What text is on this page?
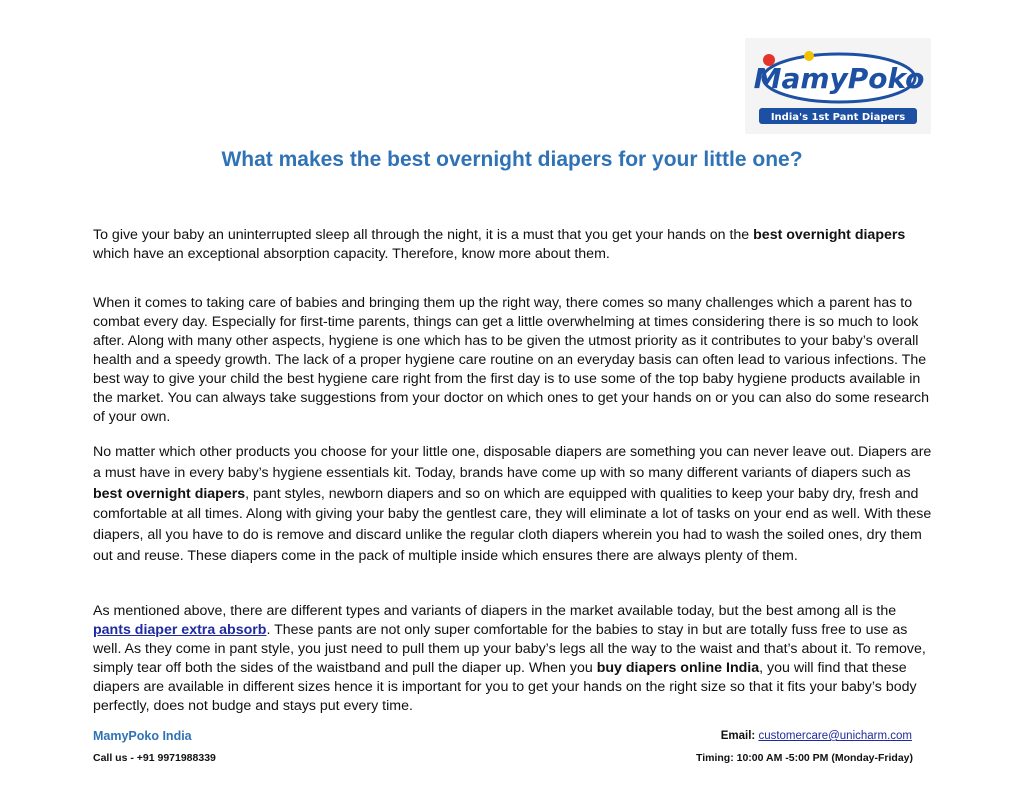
MamyPoko
India's 1st Pant Diapers
What makes the best overnight diapers for your little one?

To give your baby an uninterrupted sleep all through the night, it is a must that you get your hands on the best overnight diapers which have an exceptional absorption capacity. Therefore, know more about them.

When it comes to taking care of babies and bringing them up the right way, there comes so many challenges which a parent has to combat every day. Especially for first-time parents, things can get a little overwhelming at times considering there is so much to look after. Along with many other aspects, hygiene is one which has to be given the utmost priority as it contributes to your baby’s overall health and a speedy growth. The lack of a proper hygiene care routine on an everyday basis can often lead to various infections. The best way to give your child the best hygiene care right from the first day is to use some of the top baby hygiene products available in the market. You can always take suggestions from your doctor on which ones to get your hands on or you can also do some research of your own.

No matter which other products you choose for your little one, disposable diapers are something you can never leave out. Diapers are a must have in every baby’s hygiene essentials kit. Today, brands have come up with so many different variants of diapers such as best overnight diapers, pant styles, newborn diapers and so on which are equipped with qualities to keep your baby dry, fresh and comfortable at all times. Along with giving your baby the gentlest care, they will eliminate a lot of tasks on your end as well. With these diapers, all you have to do is remove and discard unlike the regular cloth diapers wherein you had to wash the soiled ones, dry them out and reuse. These diapers come in the pack of multiple inside which ensures there are always plenty of them.

As mentioned above, there are different types and variants of diapers in the market available today, but the best among all is the pants diaper extra absorb. These pants are not only super comfortable for the babies to stay in but are totally fuss free to use as well. As they come in pant style, you just need to pull them up your baby’s legs all the way to the waist and that’s about it. To remove, simply tear off both the sides of the waistband and pull the diaper up. When you buy diapers online India, you will find that these diapers are available in different sizes hence it is important for you to get your hands on the right size so that it fits your baby’s body perfectly, does not budge and stays put every time.

MamyPoko India

Call us - +91 9971988339

Email: customercare@unicharm.com

Timing: 10:00 AM -5:00 PM (Monday-Friday)
